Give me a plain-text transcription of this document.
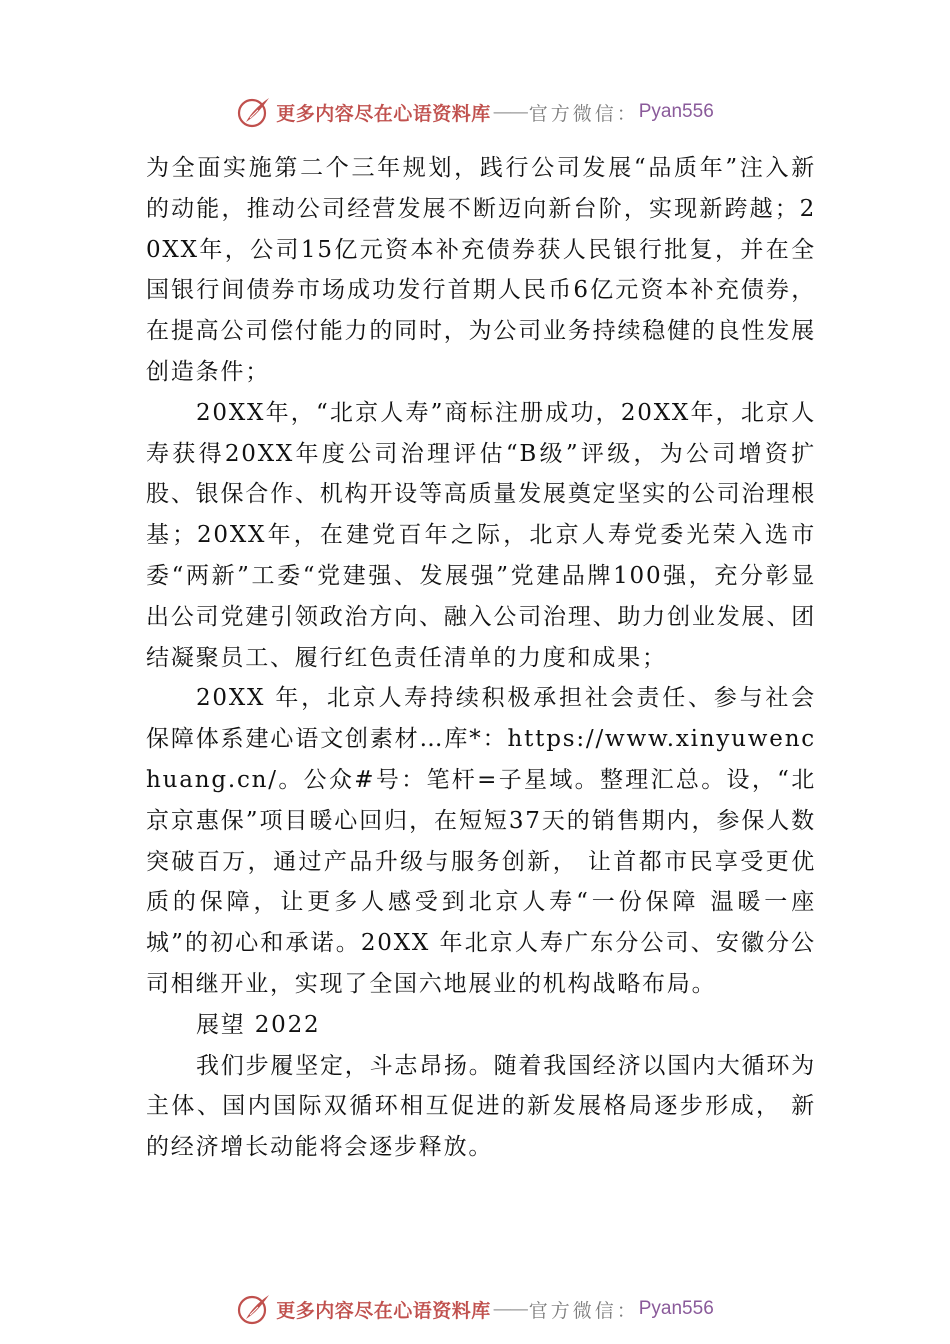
更多内容尽在心语资料库 —— 官方微信： Pyan556

为全面实施第二个三年规划，践行公司发展“品质年”注入新的动能，推动公司经营发展不断迈向新台阶，实现新跨越；20XX年，公司15亿元资本补充债券获人民银行批复，并在全国银行间债券市场成功发行首期人民币6亿元资本补充债券，在提高公司偿付能力的同时，为公司业务持续稳健的良性发展创造条件；

20XX年，“北京人寿”商标注册成功，20XX年，北京人寿获得20XX年度公司治理评估“B级”评级，为公司增资扩股、银保合作、机构开设等高质量发展奠定坚实的公司治理根基；20XX年，在建党百年之际，北京人寿党委光荣入选市委“两新”工委“党建强、发展强”党建品牌100强，充分彰显出公司党建引领政治方向、融入公司治理、助力创业发展、团结凝聚员工、履行红色责任清单的力度和成果；

20XX 年，北京人寿持续积极承担社会责任、参与社会保障体系建心语文创素材…库*：https://www.xinyuwenchuang.cn/。公众#号：笔杆=子星域。整理汇总。设，“北京京惠保”项目暖心回归，在短短37天的销售期内，参保人数突破百万，通过产品升级与服务创新， 让首都市民享受更优质的保障，让更多人感受到北京人寿“一份保障 温暖一座城”的初心和承诺。20XX 年北京人寿广东分公司、安徽分公司相继开业，实现了全国六地展业的机构战略布局。

展望 2022

我们步履坚定，斗志昂扬。随着我国经济以国内大循环为主体、国内国际双循环相互促进的新发展格局逐步形成， 新的经济增长动能将会逐步释放。

更多内容尽在心语资料库 —— 官方微信： Pyan556
